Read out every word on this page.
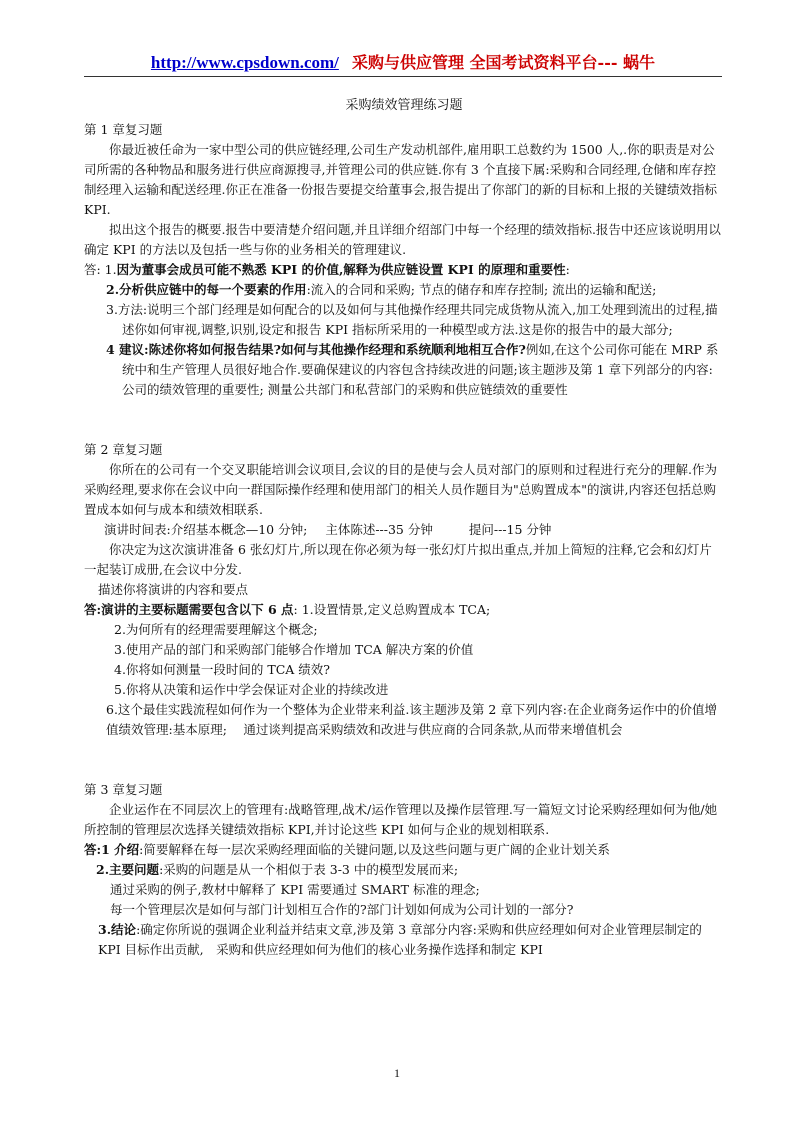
http://www.cpsdown.com/ 采购与供应管理 全国考试资料平台--- 蜗牛

采购绩效管理练习题

第 1 章复习题

你最近被任命为一家中型公司的供应链经理,公司生产发动机部件,雇用职工总数约为 1500 人,.你的职责是对公司所需的各种物品和服务进行供应商源搜寻,并管理公司的供应链.你有 3 个直接下属:采购和合同经理,仓储和库存控制经理入运输和配送经理.你正在准备一份报告要提交给董事会,报告提出了你部门的新的目标和上报的关键绩效指标 KPI.

拟出这个报告的概要.报告中要清楚介绍问题,并且详细介绍部门中每一个经理的绩效指标.报告中还应该说明用以确定 KPI 的方法以及包括一些与你的业务相关的管理建议.

答: 1.因为董事会成员可能不熟悉 KPI 的价值,解释为供应链设置 KPI 的原理和重要性:

2.分析供应链中的每一个要素的作用:流入的合同和采购; 节点的储存和库存控制; 流出的运输和配送;

3.方法:说明三个部门经理是如何配合的以及如何与其他操作经理共同完成货物从流入,加工处理到流出的过程,描述你如何审视,调整,识别,设定和报告 KPI 指标所采用的一种模型或方法.这是你的报告中的最大部分;

4 建议:陈述你将如何报告结果?如何与其他操作经理和系统顺利地相互合作?例如,在这个公司你可能在 MRP 系统中和生产管理人员很好地合作.要确保建议的内容包含持续改进的问题;该主题涉及第 1 章下列部分的内容:公司的绩效管理的重要性; 测量公共部门和私营部门的采购和供应链绩效的重要性

第 2 章复习题

你所在的公司有一个交叉职能培训会议项目,会议的目的是使与会人员对部门的原则和过程进行充分的理解.作为采购经理,要求你在会议中向一群国际操作经理和使用部门的相关人员作题目为"总购置成本"的演讲,内容还包括总购置成本如何与成本和绩效相联系.

演讲时间表:介绍基本概念—10 分钟; 主体陈述---35 分钟	提问---15 分钟

你决定为这次演讲准备 6 张幻灯片,所以现在你必须为每一张幻灯片拟出重点,并加上简短的注释,它会和幻灯片一起装订成册,在会议中分发.

描述你将演讲的内容和要点

答:演讲的主要标题需要包含以下 6 点: 1.设置情景,定义总购置成本 TCA;

2.为何所有的经理需要理解这个概念;

3.使用产品的部门和采购部门能够合作增加 TCA 解决方案的价值

4.你将如何测量一段时间的 TCA 绩效?

5.你将从决策和运作中学会保证对企业的持续改进

6.这个最佳实践流程如何作为一个整体为企业带来利益.该主题涉及第 2 章下列内容:在企业商务运作中的价值增值绩效管理:基本原理;　 通过谈判提高采购绩效和改进与供应商的合同条款,从而带来增值机会

第 3 章复习题

企业运作在不同层次上的管理有:战略管理,战术/运作管理以及操作层管理.写一篇短文讨论采购经理如何为他/她所控制的管理层次选择关键绩效指标 KPI,并讨论这些 KPI 如何与企业的规划相联系.

答:1 介绍:简要解释在每一层次采购经理面临的关键问题,以及这些问题与更广阔的企业计划关系

2.主要问题:采购的问题是从一个相似于表 3-3 中的模型发展而来;

通过采购的例子,教材中解释了 KPI 需要通过 SMART 标准的理念;

每一个管理层次是如何与部门计划相互合作的?部门计划如何成为公司计划的一部分?

3.结论:确定你所说的强调企业利益并结束文章,涉及第 3 章部分内容:采购和供应经理如何对企业管理层制定的 KPI 目标作出贡献,　采购和供应经理如何为他们的核心业务操作选择和制定 KPI

1
